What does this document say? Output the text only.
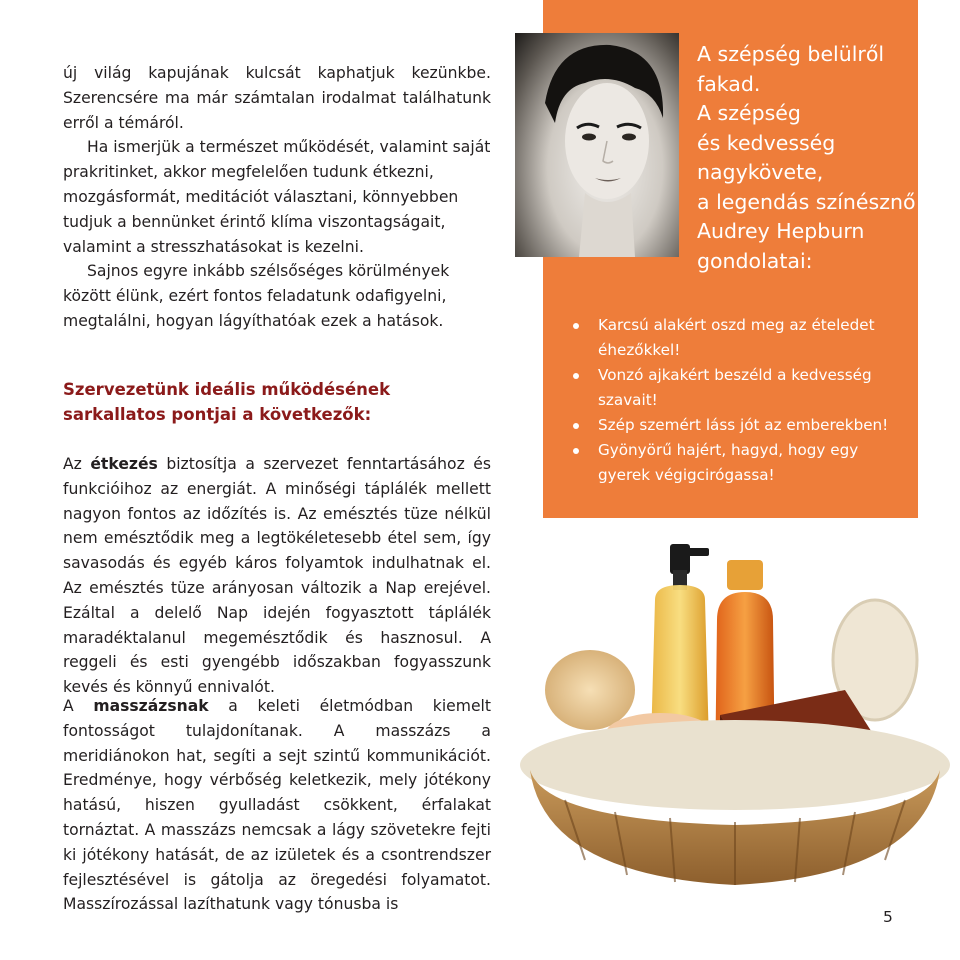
új világ kapujának kulcsát kaphatjuk kezünkbe. Szerencsére ma már számtalan irodalmat találhatunk erről a témáról.

Ha ismerjük a természet működését, valamint saját prakritinket, akkor megfelelően tudunk étkezni, mozgásformát, meditációt választani, könnyebben tudjuk a bennünket érintő klíma viszontagságait, valamint a stresszhatásokat is kezelni.

Sajnos egyre inkább szélsőséges körülmények között élünk, ezért fontos feladatunk odafigyelni, megtalálni, hogyan lágyíthatóak ezek a hatások.

Szervezetünk ideális működésének sarkallatos pontjai a következők:

Az étkezés biztosítja a szervezet fenntartásához és funkcióihoz az energiát. A minőségi táplálék mellett nagyon fontos az időzítés is. Az emésztés tüze nélkül nem emésztődik meg a legtökéletesebb étel sem, így savasodás és egyéb káros folyamtok indulhatnak el. Az emésztés tüze arányosan változik a Nap erejével. Ezáltal a delelő Nap idején fogyasztott táplálék maradéktalanul megemésztődik és hasznosul. A reggeli és esti gyengébb időszakban fogyasszunk kevés és könnyű ennivalót.

A masszázsnak a keleti életmódban kiemelt fontosságot tulajdonítanak. A masszázs a meridiánokon hat, segíti a sejt szintű kommunikációt. Eredménye, hogy vérbőség keletkezik, mely jótékony hatású, hiszen gyulladást csökkent, érfalakat tornáztat. A masszázs nemcsak a lágy szövetekre fejti ki jótékony hatását, de az izületek és a csontrendszer fejlesztésével is gátolja az öregedési folyamatot. Masszírozással lazíthatunk vagy tónusba is

A szépség belülről
fakad.
A szépség
és kedvesség
nagykövete,
a legendás színésznő
Audrey Hepburn
gondolatai:
Karcsú alakért oszd meg az ételedet éhezőkkel!
Vonzó ajkakért beszéld a kedvesség szavait!
Szép szemért láss jót az emberekben!
Gyönyörű hajért, hagyd, hogy egy gyerek végigcirógassa!
5
